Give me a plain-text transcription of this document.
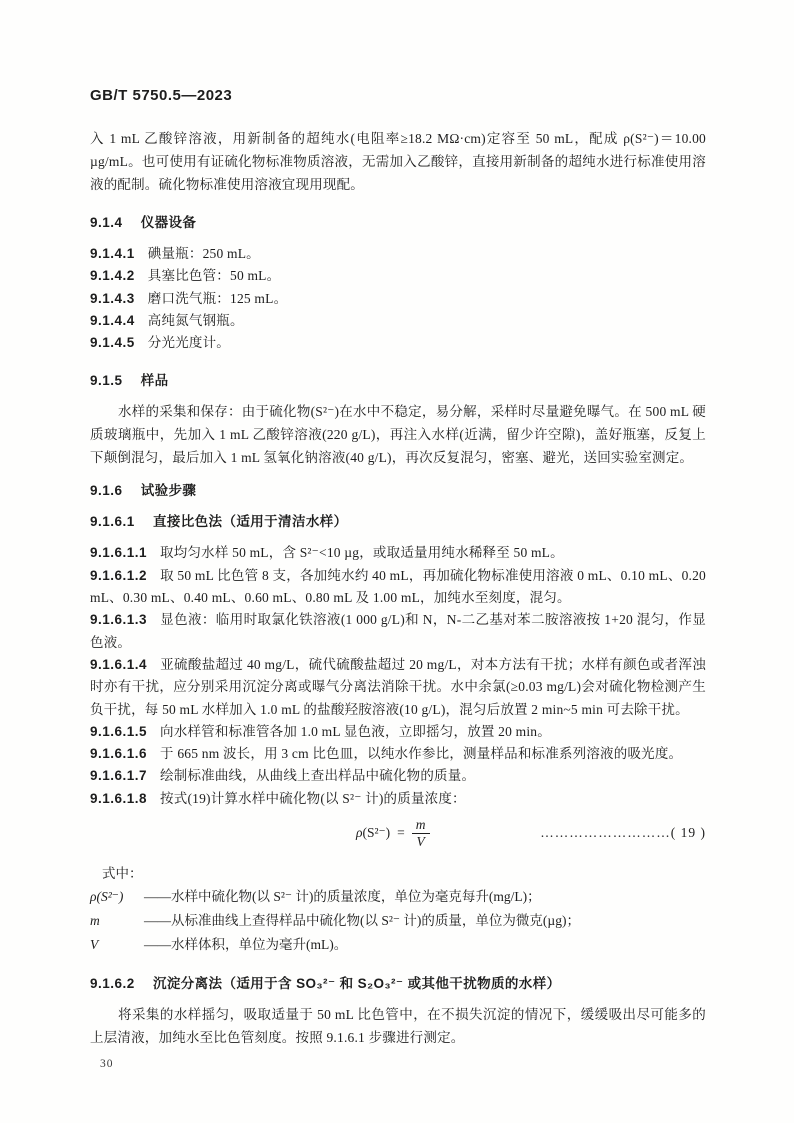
GB/T 5750.5—2023

入 1 mL 乙酸锌溶液，用新制备的超纯水(电阻率≥18.2 MΩ·cm)定容至 50 mL，配成 ρ(S²⁻)＝10.00 µg/mL。也可使用有证硫化物标准物质溶液，无需加入乙酸锌，直接用新制备的超纯水进行标准使用溶液的配制。硫化物标准使用溶液宜现用现配。

9.1.4 仪器设备

9.1.4.1 碘量瓶：250 mL。

9.1.4.2 具塞比色管：50 mL。

9.1.4.3 磨口洗气瓶：125 mL。

9.1.4.4 高纯氮气钢瓶。

9.1.4.5 分光光度计。

9.1.5 样品

水样的采集和保存：由于硫化物(S²⁻)在水中不稳定，易分解，采样时尽量避免曝气。在 500 mL 硬质玻璃瓶中，先加入 1 mL 乙酸锌溶液(220 g/L)，再注入水样(近满，留少许空隙)，盖好瓶塞，反复上下颠倒混匀，最后加入 1 mL 氢氧化钠溶液(40 g/L)，再次反复混匀，密塞、避光，送回实验室测定。

9.1.6 试验步骤
9.1.6.1 直接比色法（适用于清洁水样）

9.1.6.1.1 取均匀水样 50 mL，含 S²⁻<10 µg，或取适量用纯水稀释至 50 mL。

9.1.6.1.2 取 50 mL 比色管 8 支，各加纯水约 40 mL，再加硫化物标准使用溶液 0 mL、0.10 mL、0.20 mL、0.30 mL、0.40 mL、0.60 mL、0.80 mL 及 1.00 mL，加纯水至刻度，混匀。

9.1.6.1.3 显色液：临用时取氯化铁溶液(1 000 g/L)和 N，N-二乙基对苯二胺溶液按 1+20 混匀，作显色液。

9.1.6.1.4 亚硫酸盐超过 40 mg/L，硫代硫酸盐超过 20 mg/L，对本方法有干扰；水样有颜色或者浑浊时亦有干扰，应分别采用沉淀分离或曝气分离法消除干扰。水中余氯(≥0.03 mg/L)会对硫化物检测产生负干扰，每 50 mL 水样加入 1.0 mL 的盐酸羟胺溶液(10 g/L)，混匀后放置 2 min~5 min 可去除干扰。

9.1.6.1.5 向水样管和标准管各加 1.0 mL 显色液，立即摇匀，放置 20 min。

9.1.6.1.6 于 665 nm 波长，用 3 cm 比色皿，以纯水作参比，测量样品和标准系列溶液的吸光度。

9.1.6.1.7 绘制标准曲线，从曲线上查出样品中硫化物的质量。

9.1.6.1.8 按式(19)计算水样中硫化物(以 S²⁻ 计)的质量浓度：

ρ $(S^{2-}) = \frac{m}{V}$	………………………( 19 )

式中：

ρ(S²⁻)	——水样中硫化物(以 S²⁻ 计)的质量浓度，单位为毫克每升(mg/L)；
m	——从标准曲线上查得样品中硫化物(以 S²⁻ 计)的质量，单位为微克(µg)；
V	——水样体积，单位为毫升(mL)。
9.1.6.2 沉淀分离法（适用于含 SO₃²⁻ 和 S₂O₃²⁻ 或其他干扰物质的水样）

将采集的水样摇匀，吸取适量于 50 mL 比色管中，在不损失沉淀的情况下，缓缓吸出尽可能多的上层清液，加纯水至比色管刻度。按照 9.1.6.1 步骤进行测定。

30
